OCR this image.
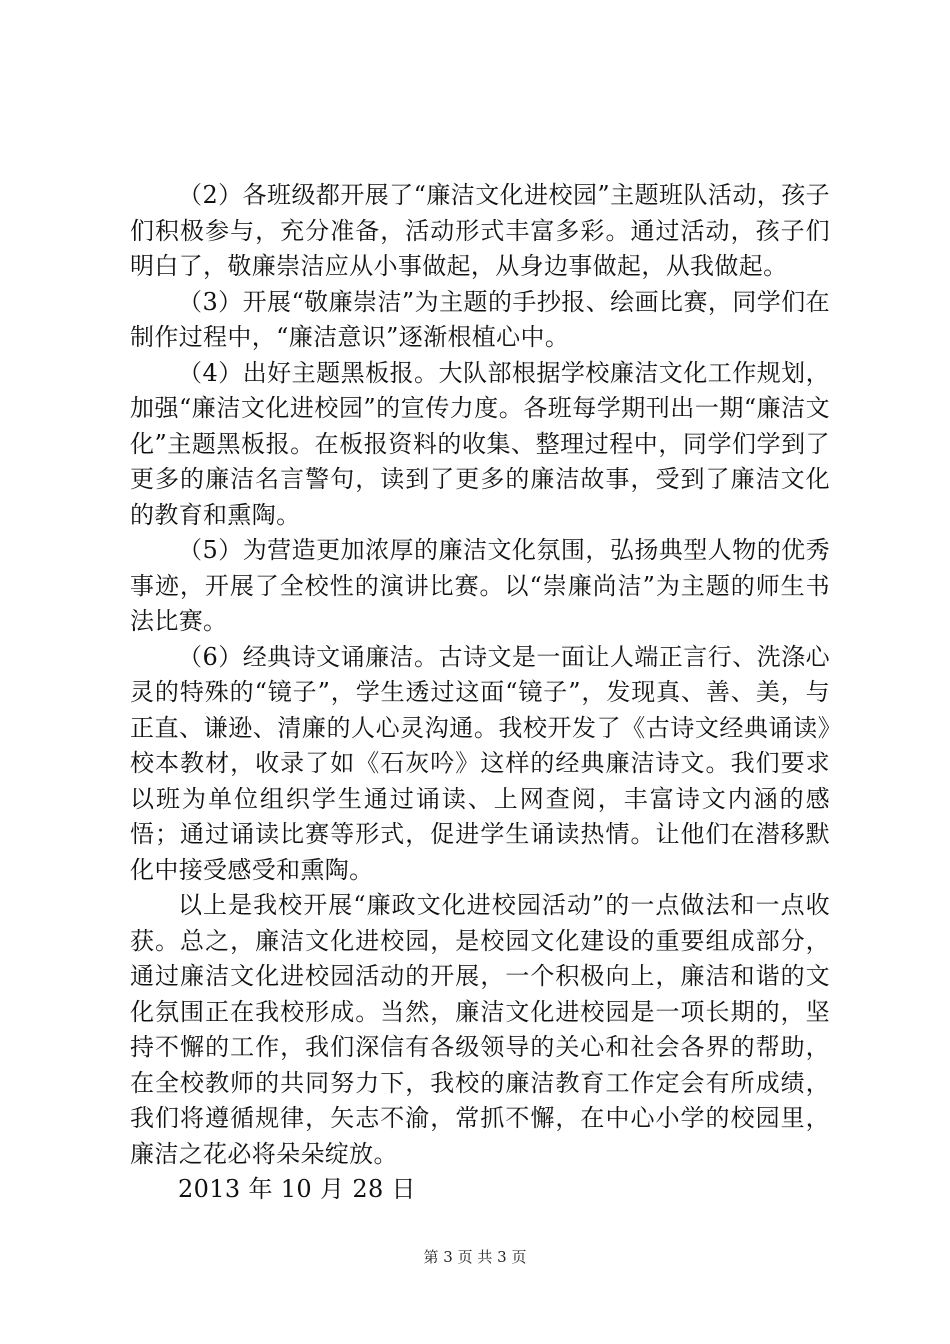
（2）各班级都开展了“廉洁文化进校园”主题班队活动，孩子们积极参与，充分准备，活动形式丰富多彩。通过活动，孩子们明白了，敬廉崇洁应从小事做起，从身边事做起，从我做起。

（3）开展“敬廉崇洁”为主题的手抄报、绘画比赛，同学们在制作过程中，“廉洁意识”逐渐根植心中。

（4）出好主题黑板报。大队部根据学校廉洁文化工作规划，加强“廉洁文化进校园”的宣传力度。各班每学期刊出一期“廉洁文化”主题黑板报。在板报资料的收集、整理过程中，同学们学到了更多的廉洁名言警句，读到了更多的廉洁故事，受到了廉洁文化的教育和熏陶。

（5）为营造更加浓厚的廉洁文化氛围，弘扬典型人物的优秀事迹，开展了全校性的演讲比赛。以“崇廉尚洁”为主题的师生书法比赛。

（6）经典诗文诵廉洁。古诗文是一面让人端正言行、洗涤心灵的特殊的“镜子”，学生透过这面“镜子”，发现真、善、美，与正直、谦逊、清廉的人心灵沟通。我校开发了《古诗文经典诵读》校本教材，收录了如《石灰吟》这样的经典廉洁诗文。我们要求以班为单位组织学生通过诵读、上网查阅，丰富诗文内涵的感悟；通过诵读比赛等形式，促进学生诵读热情。让他们在潜移默化中接受感受和熏陶。

以上是我校开展“廉政文化进校园活动”的一点做法和一点收获。总之，廉洁文化进校园，是校园文化建设的重要组成部分，通过廉洁文化进校园活动的开展，一个积极向上，廉洁和谐的文化氛围正在我校形成。当然，廉洁文化进校园是一项长期的，坚持不懈的工作，我们深信有各级领导的关心和社会各界的帮助，在全校教师的共同努力下，我校的廉洁教育工作定会有所成绩，我们将遵循规律，矢志不渝，常抓不懈，在中心小学的校园里，廉洁之花必将朵朵绽放。

2013 年 10 月 28 日

第 3 页 共 3 页
